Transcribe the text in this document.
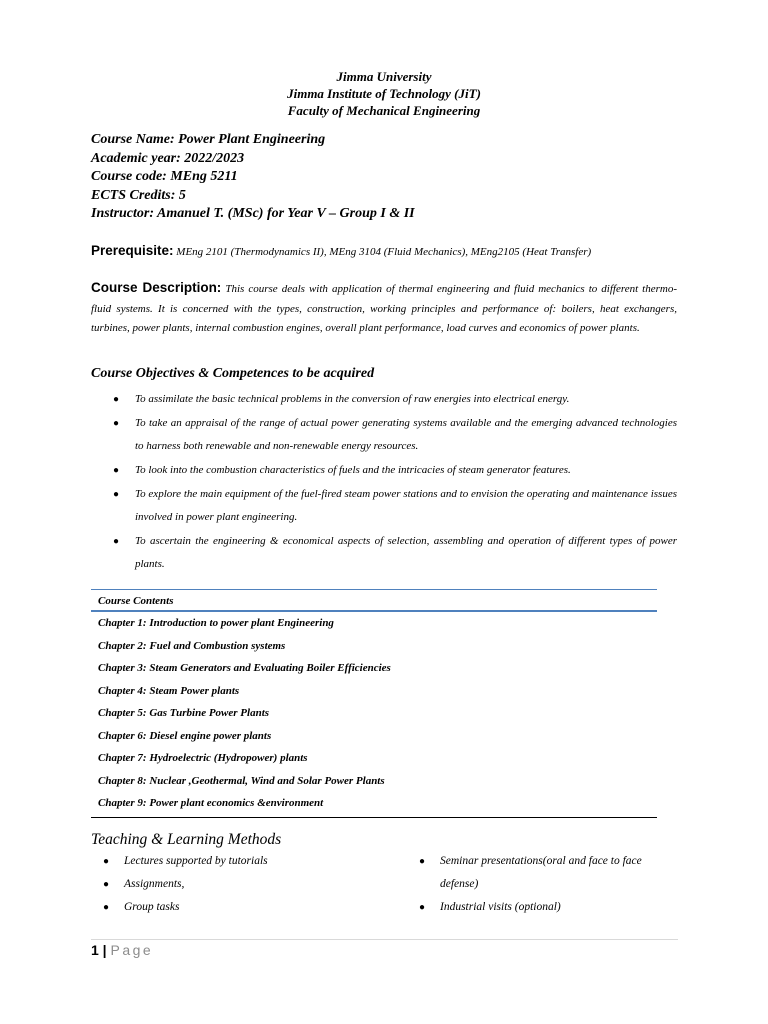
Jimma University
Jimma Institute of Technology (JiT)
Faculty of Mechanical Engineering
Course Name: Power Plant Engineering
Academic year: 2022/2023
Course code: MEng 5211
ECTS Credits: 5
Instructor: Amanuel T. (MSc) for Year V – Group I & II
Prerequisite: MEng 2101 (Thermodynamics II), MEng 3104 (Fluid Mechanics), MEng2105 (Heat Transfer)
Course Description: This course deals with application of thermal engineering and fluid mechanics to different thermo-fluid systems. It is concerned with the types, construction, working principles and performance of: boilers, heat exchangers, turbines, power plants, internal combustion engines, overall plant performance, load curves and economics of power plants.
Course Objectives & Competences to be acquired
● To assimilate the basic technical problems in the conversion of raw energies into electrical energy.
● To take an appraisal of the range of actual power generating systems available and the emerging advanced technologies to harness both renewable and non-renewable energy resources.
● To look into the combustion characteristics of fuels and the intricacies of steam generator features.
● To explore the main equipment of the fuel-fired steam power stations and to envision the operating and maintenance issues involved in power plant engineering.
● To ascertain the engineering & economical aspects of selection, assembling and operation of different types of power plants.
Course Contents
Chapter 1: Introduction to power plant Engineering
Chapter 2: Fuel and Combustion systems
Chapter 3: Steam Generators and Evaluating Boiler Efficiencies
Chapter 4: Steam Power plants
Chapter 5: Gas Turbine Power Plants
Chapter 6: Diesel engine power plants
Chapter 7: Hydroelectric (Hydropower) plants
Chapter 8: Nuclear ,Geothermal, Wind and Solar Power Plants
Chapter 9: Power plant economics &environment
Teaching & Learning Methods
● Lectures supported by tutorials
● Assignments,
● Group tasks
● Seminar presentations(oral and face to face defense)
● Industrial visits (optional)
1 | Page
